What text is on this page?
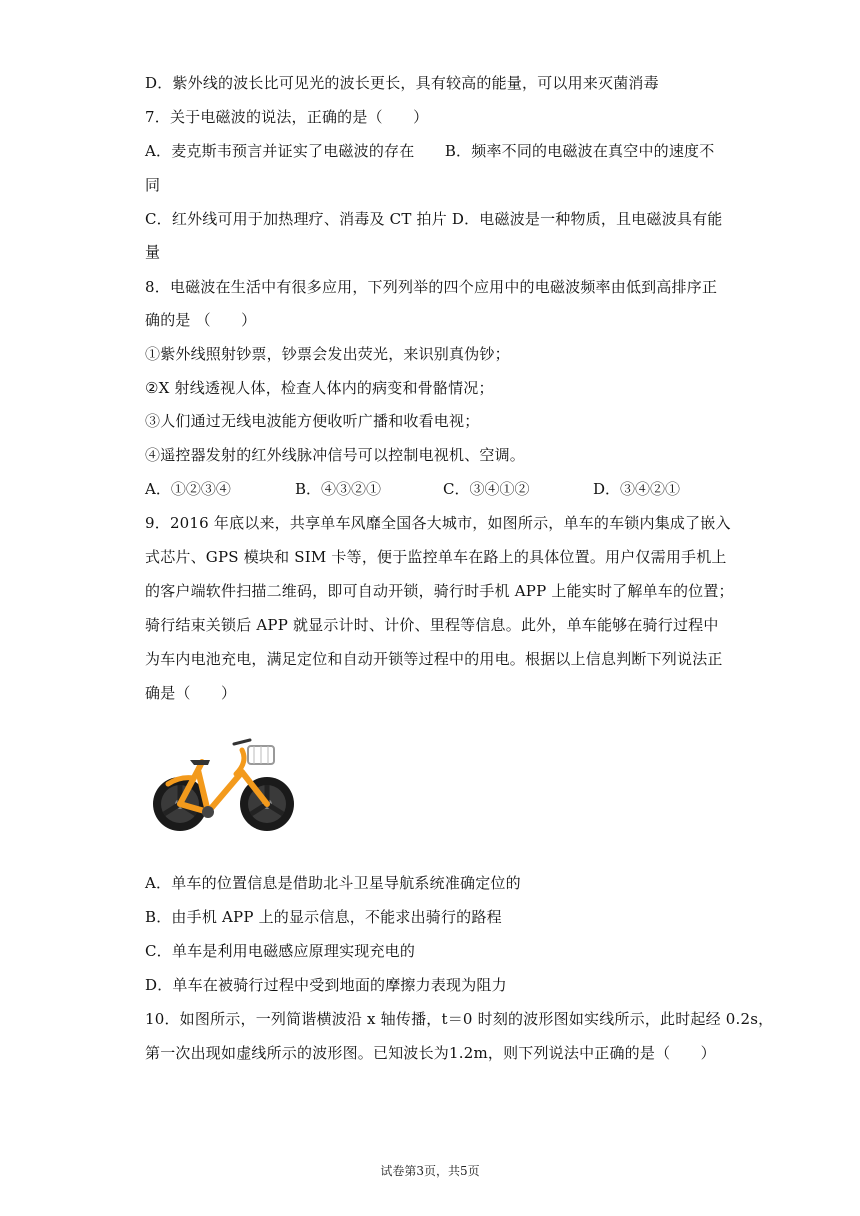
D．紫外线的波长比可见光的波长更长，具有较高的能量，可以用来灭菌消毒
7．关于电磁波的说法，正确的是（　　）
A．麦克斯韦预言并证实了电磁波的存在　　B．频率不同的电磁波在真空中的速度不
同
C．红外线可用于加热理疗、消毒及 CT 拍片 D．电磁波是一种物质，且电磁波具有能
量
8．电磁波在生活中有很多应用，下列列举的四个应用中的电磁波频率由低到高排序正
确的是 （　　）
①紫外线照射钞票，钞票会发出荧光，来识别真伪钞；
②X 射线透视人体，检查人体内的病变和骨骼情况；
③人们通过无线电波能方便收听广播和收看电视；
④遥控器发射的红外线脉冲信号可以控制电视机、空调。
A．①②③④	B．④③②①	C．③④①②	D．③④②①
9．2016 年底以来，共享单车风靡全国各大城市，如图所示，单车的车锁内集成了嵌入
式芯片、GPS 模块和 SIM 卡等，便于监控单车在路上的具体位置。用户仅需用手机上
的客户端软件扫描二维码，即可自动开锁，骑行时手机 APP 上能实时了解单车的位置；
骑行结束关锁后 APP 就显示计时、计价、里程等信息。此外，单车能够在骑行过程中
为车内电池充电，满足定位和自动开锁等过程中的用电。根据以上信息判断下列说法正
确是（　　）
A．单车的位置信息是借助北斗卫星导航系统准确定位的
B．由手机 APP 上的显示信息，不能求出骑行的路程
C．单车是利用电磁感应原理实现充电的
D．单车在被骑行过程中受到地面的摩擦力表现为阻力
10．如图所示，一列简谐横波沿 x 轴传播，t＝0 时刻的波形图如实线所示，此时起经 0.2s，
第一次出现如虚线所示的波形图。已知波长为1.2m，则下列说法中正确的是（　　）
试卷第3页，共5页
